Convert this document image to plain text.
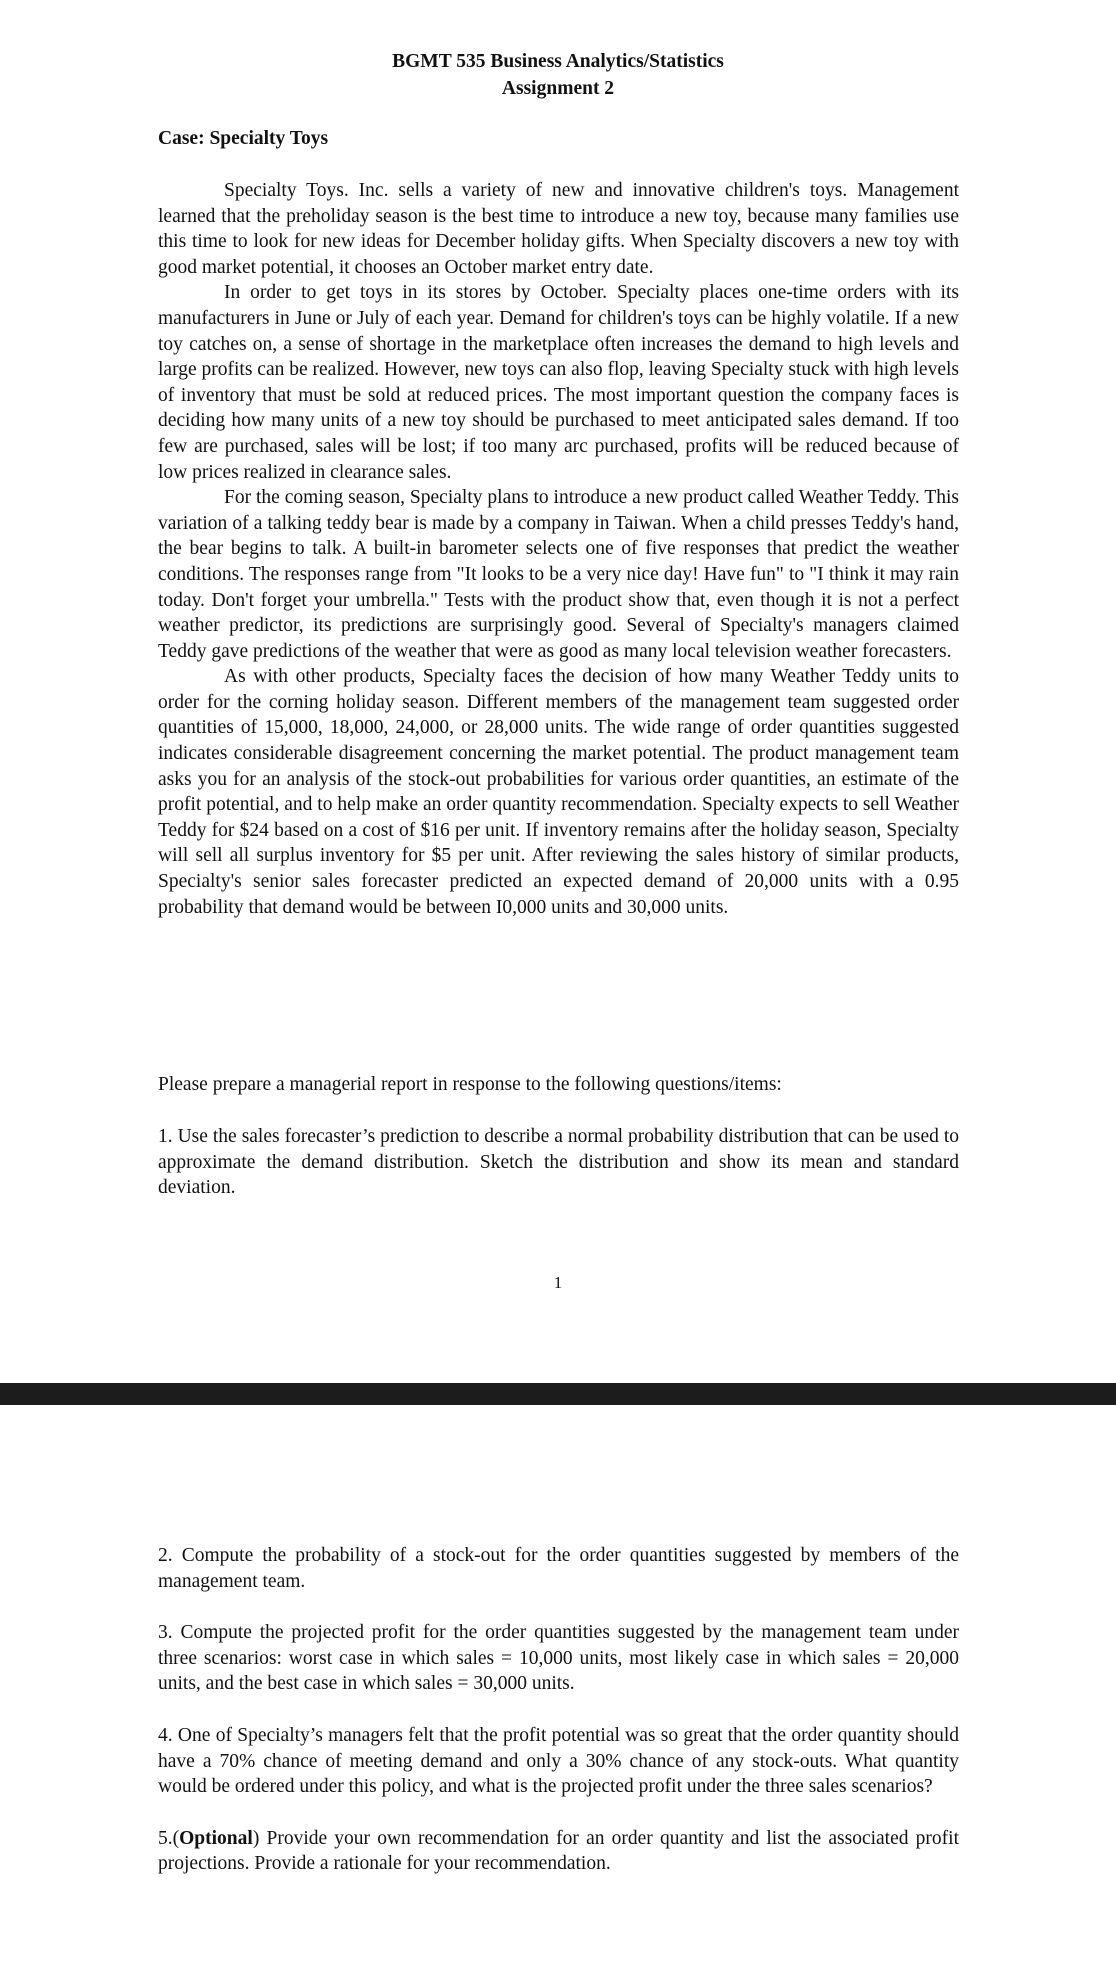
BGMT 535 Business Analytics/Statistics
Assignment 2
Case: Specialty Toys

Specialty Toys. Inc. sells a variety of new and innovative children's toys. Management learned that the preholiday season is the best time to introduce a new toy, because many families use this time to look for new ideas for December holiday gifts. When Specialty discovers a new toy with good market potential, it chooses an October market entry date.

In order to get toys in its stores by October. Specialty places one-time orders with its manufacturers in June or July of each year. Demand for children's toys can be highly volatile. If a new toy catches on, a sense of shortage in the marketplace often increases the demand to high levels and large profits can be realized. However, new toys can also flop, leaving Specialty stuck with high levels of inventory that must be sold at reduced prices. The most important question the company faces is deciding how many units of a new toy should be purchased to meet anticipated sales demand. If too few are purchased, sales will be lost; if too many arc purchased, profits will be reduced because of low prices realized in clearance sales.

For the coming season, Specialty plans to introduce a new product called Weather Teddy. This variation of a talking teddy bear is made by a company in Taiwan. When a child presses Teddy's hand, the bear begins to talk. A built-in barometer selects one of five responses that predict the weather conditions. The responses range from "It looks to be a very nice day! Have fun" to "I think it may rain today. Don't forget your umbrella." Tests with the product show that, even though it is not a perfect weather predictor, its predictions are surprisingly good. Several of Specialty's managers claimed Teddy gave predictions of the weather that were as good as many local television weather forecasters.

As with other products, Specialty faces the decision of how many Weather Teddy units to order for the corning holiday season. Different members of the management team suggested order quantities of 15,000, 18,000, 24,000, or 28,000 units. The wide range of order quantities suggested indicates considerable disagreement concerning the market potential. The product management team asks you for an analysis of the stock-out probabilities for various order quantities, an estimate of the profit potential, and to help make an order quantity recommendation. Specialty expects to sell Weather Teddy for $24 based on a cost of $16 per unit. If inventory remains after the holiday season, Specialty will sell all surplus inventory for $5 per unit. After reviewing the sales history of similar products, Specialty's senior sales forecaster predicted an expected demand of 20,000 units with a 0.95 probability that demand would be between I0,000 units and 30,000 units.

Please prepare a managerial report in response to the following questions/items:

1. Use the sales forecaster’s prediction to describe a normal probability distribution that can be used to approximate the demand distribution. Sketch the distribution and show its mean and standard deviation.

1

2. Compute the probability of a stock-out for the order quantities suggested by members of the management team.

3. Compute the projected profit for the order quantities suggested by the management team under three scenarios: worst case in which sales = 10,000 units, most likely case in which sales = 20,000 units, and the best case in which sales = 30,000 units.

4. One of Specialty’s managers felt that the profit potential was so great that the order quantity should have a 70% chance of meeting demand and only a 30% chance of any stock-outs. What quantity would be ordered under this policy, and what is the projected profit under the three sales scenarios?

5.(Optional) Provide your own recommendation for an order quantity and list the associated profit projections. Provide a rationale for your recommendation.
